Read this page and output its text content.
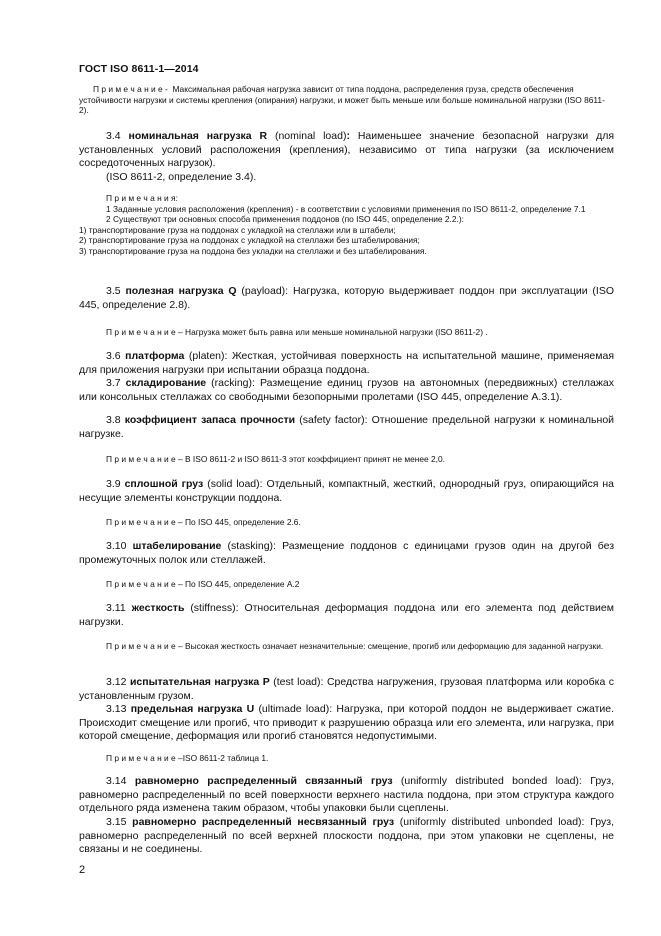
ГОСТ ISO 8611-1—2014

П р и м е ч а н и е - Максимальная рабочая нагрузка зависит от типа поддона, распределения груза, средств обеспечения устойчивости нагрузки и системы крепления (опирания) нагрузки, и может быть меньше или больше номинальной нагрузки (ISO 8611-2).

3.4 номинальная нагрузка R (nominal load): Наименьшее значение безопасной нагрузки для установленных условий расположения (крепления), независимо от типа нагрузки (за исключением сосредоточенных нагрузок).

(ISO 8611-2, определение 3.4).

П р и м е ч а н и я:

1 Заданные условия расположения (крепления) - в соответствии с условиями применения по ISO 8611-2, определение 7.1

2 Существуют три основных способа применения поддонов (по ISO 445, определение 2.2.):

1) транспортирование груза на поддонах с укладкой на стеллажи или в штабели;

2) транспортирование груза на поддонах с укладкой на стеллажи без штабелирования;

3) транспортирование груза на поддона без укладки на стеллажи и без штабелирования.

3.5 полезная нагрузка Q (payload): Нагрузка, которую выдерживает поддон при эксплуатации (ISO 445, определение 2.8).

П р и м е ч а н и е – Нагрузка может быть равна или меньше номинальной нагрузки (ISO 8611-2) .

3.6 платформа (platen): Жесткая, устойчивая поверхность на испытательной машине, применяемая для приложения нагрузки при испытании образца поддона.

3.7 складирование (racking): Размещение единиц грузов на автономных (передвижных) стеллажах или консольных стеллажах со свободными безопорными пролетами (ISO 445, определение А.3.1).

3.8 коэффициент запаса прочности (safety factor): Отношение предельной нагрузки к номинальной нагрузке.

П р и м е ч а н и е – В ISO 8611-2 и ISO 8611-3 этот коэффициент принят не менее 2,0.

3.9 сплошной груз (solid load): Отдельный, компактный, жесткий, однородный груз, опирающийся на несущие элементы конструкции поддона.

П р и м е ч а н и е – По ISO 445, определение 2.6.

3.10 штабелирование (stasking): Размещение поддонов с единицами грузов один на другой без промежуточных полок или стеллажей.

П р и м е ч а н и е – По ISO 445, определение А.2

3.11 жесткость (stiffness): Относительная деформация поддона или его элемента под действием нагрузки.

П р и м е ч а н и е – Высокая жесткость означает незначительные: смещение, прогиб или деформацию для заданной нагрузки.

3.12 испытательная нагрузка P (test load): Средства нагружения, грузовая платформа или коробка с установленным грузом.

3.13 предельная нагрузка U (ultimade load): Нагрузка, при которой поддон не выдерживает сжатие. Происходит смещение или прогиб, что приводит к разрушению образца или его элемента, или нагрузка, при которой смещение, деформация или прогиб становятся недопустимыми.

П р и м е ч а н и е –ISO 8611-2 таблица 1.

3.14 равномерно распределенный связанный груз (uniformly distributed bonded load): Груз, равномерно распределенный по всей поверхности верхнего настила поддона, при этом структура каждого отдельного ряда изменена таким образом, чтобы упаковки были сцеплены.

3.15 равномерно распределенный несвязанный груз (uniformly distributed unbonded load): Груз, равномерно распределенный по всей верхней плоскости поддона, при этом упаковки не сцеплены, не связаны и не соединены.

2
